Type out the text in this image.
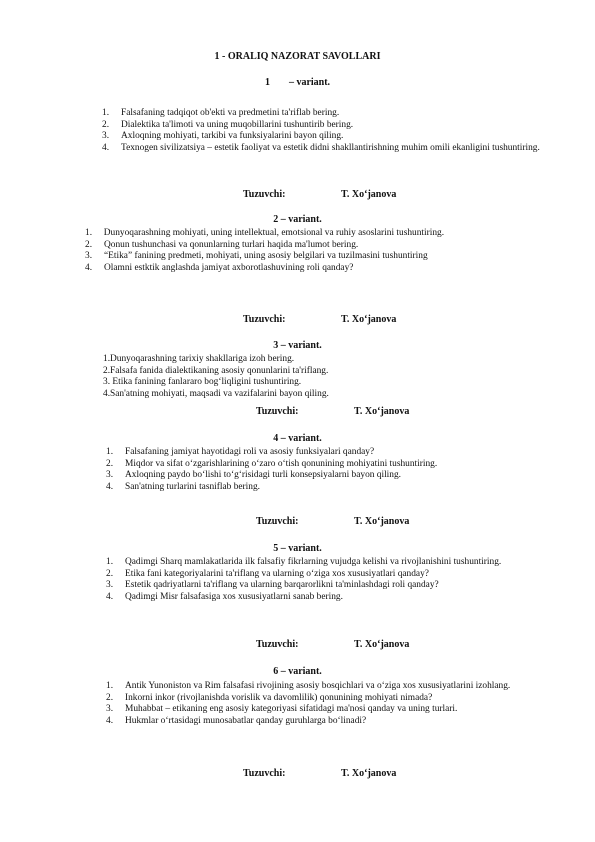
1 - ORALIQ NAZORAT SAVOLLARI
1 – variant.
1. Falsafaning tadqiqot ob'ekti va predmetini ta'riflab bering.
2. Dialektika ta'limoti va uning muqobillarini tushuntirib bering.
3. Axloqning mohiyati, tarkibi va funksiyalarini bayon qiling.
4. Texnogen sivilizatsiya – estetik faoliyat va estetik didni shakllantirishning muhim omili ekanligini tushuntiring.
Tuzuvchi:	T. Xo‘janova
2 – variant.
1. Dunyoqarashning mohiyati, uning intellektual, emotsional va ruhiy asoslarini tushuntiring.
2. Qonun tushunchasi va qonunlarning turlari haqida ma'lumot bering.
3. “Etika” fanining predmeti, mohiyati, uning asosiy belgilari va tuzilmasini tushuntiring
4. Olamni estktik anglashda jamiyat axborotlashuvining roli qanday?
Tuzuvchi:	T. Xo‘janova
3 – variant.
1.Dunyoqarashning tarixiy shakllariga izoh bering.
2.Falsafa fanida dialektikaning asosiy qonunlarini ta'riflang.
3. Etika fanining fanlararo bog‘liqligini tushuntiring.
4.San'atning mohiyati, maqsadi va vazifalarini bayon qiling.
Tuzuvchi:	T. Xo‘janova
4 – variant.
1. Falsafaning jamiyat hayotidagi roli va asosiy funksiyalari qanday?
2. Miqdor va sifat o‘zgarishlarining o‘zaro o‘tish qonunining mohiyatini tushuntiring.
3. Axloqning paydo bo‘lishi to‘g‘risidagi turli konsepsiyalarni bayon qiling.
4. San'atning turlarini tasniflab bering.
Tuzuvchi:	T. Xo‘janova
5 – variant.
1. Qadimgi Sharq mamlakatlarida ilk falsafiy fikrlarning vujudga kelishi va rivojlanishini tushuntiring.
2. Etika fani kategoriyalarini ta'riflang va ularning o‘ziga xos xususiyatlari qanday?
3. Estetik qadriyatlarni ta'riflang va ularning barqarorlikni ta'minlashdagi roli qanday?
4. Qadimgi Misr falsafasiga xos xususiyatlarni sanab bering.
Tuzuvchi:	T. Xo‘janova
6 – variant.
1. Antik Yunoniston va Rim falsafasi rivojining asosiy bosqichlari va o‘ziga xos xususiyatlarini izohlang.
2. Inkorni inkor (rivojlanishda vorislik va davomlilik) qonunining mohiyati nimada?
3. Muhabbat – etikaning eng asosiy kategoriyasi sifatidagi ma'nosi qanday va uning turlari.
4. Hukmlar o‘rtasidagi munosabatlar qanday guruhlarga bo‘linadi?
Tuzuvchi:	T. Xo‘janova
